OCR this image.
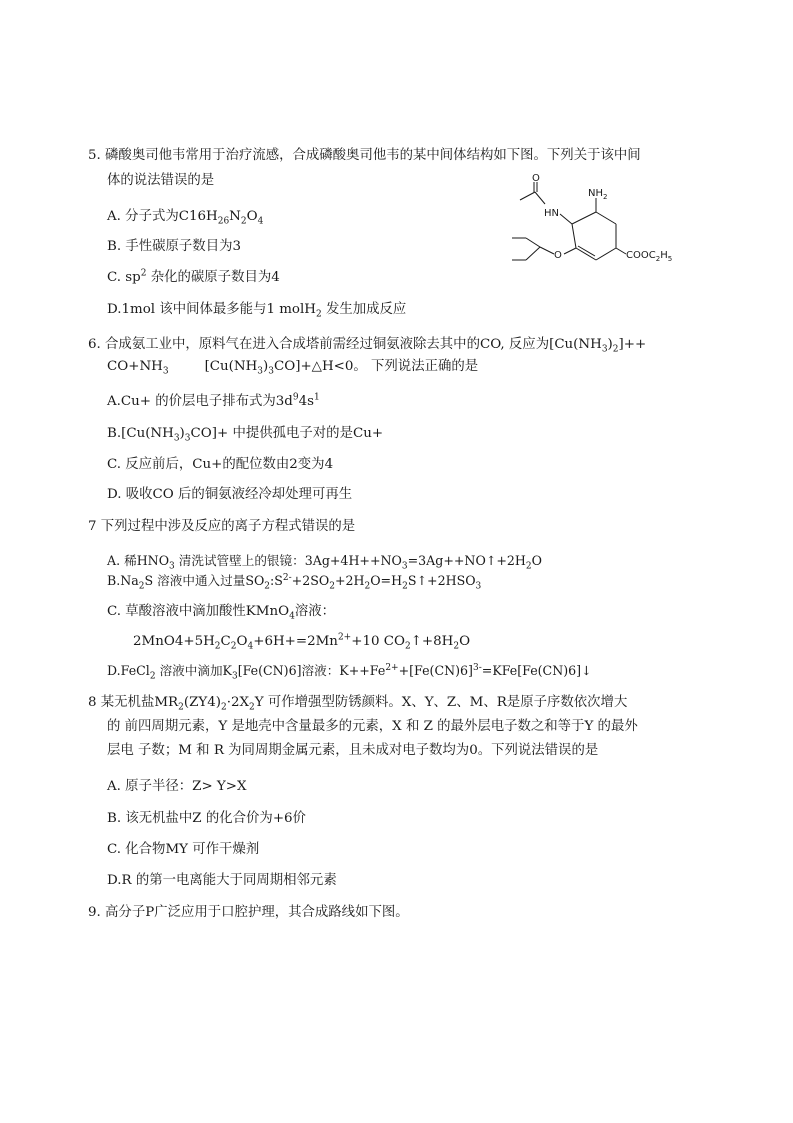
5. 磷酸奥司他韦常用于治疗流感，合成磷酸奥司他韦的某中间体结构如下图。下列关于该中间
体的说法错误的是
A. 分子式为$C16H_{26}N_2O_4$
B. 手性碳原子数目为3
C. $sp^2$ 杂化的碳原子数目为4
D.1mol 该中间体最多能与1 molH$_2$ 发生加成反应
O
HN
$NH_2$
O	$COOC_2H_5$
6. 合成氨工业中，原料气在进入合成塔前需经过铜氨液除去其中的CO, 反应为$[Cu(NH_3)_2]++$
$CO+NH_3$	$[Cu(NH_3)_3CO]+\triangle H<0$。 下列说法正确的是
A.Cu+ 的价层电子排布式为$3d^94s^1$
$B.[Cu(NH_3)_3CO]+$ 中提供孤电子对的是Cu+
C. 反应前后，Cu+的配位数由2变为4
D. 吸收CO 后的铜氨液经冷却处理可再生
7 下列过程中涉及反应的离子方程式错误的是
A. 稀$HNO_3$ 清洗试管壁上的银镜：$3Ag+4H++NO_3=3Ag++NO↑+2H_2O$
$B.Na_2S$ 溶液中通入过量$SO_2:S^{2-}+2SO_2+2H_2O=H_2S↑+2HSO_3$
C. 草酸溶液中滴加酸性KMnO$_4$溶液：
$2MnO4+5H_2C_2O_4+6H+=2Mn^{2+}+10$ $CO_2↑+8H_2O$
D.FeCl$_2$ 溶液中滴加$K_3[Fe(CN)6]$溶液：$K++Fe^{2+}+[Fe(CN)6]^{3-}=KFe[Fe(CN)6]↓$
8 某无机盐$MR_2(ZY4)_2\cdot 2X_2Y$ 可作增强型防锈颜料。X、Y、Z、M、R是原子序数依次增大
的 前四周期元素，Y 是地壳中含量最多的元素，X 和 Z 的最外层电子数之和等于Y 的最外
层电 子数；M 和 R 为同周期金属元素，且未成对电子数均为0。下列说法错误的是
A. 原子半径：Z> Y>X
B. 该无机盐中Z 的化合价为+6价
C. 化合物MY 可作干燥剂
D.R 的第一电离能大于同周期相邻元素
9. 高分子P广泛应用于口腔护理，其合成路线如下图。
